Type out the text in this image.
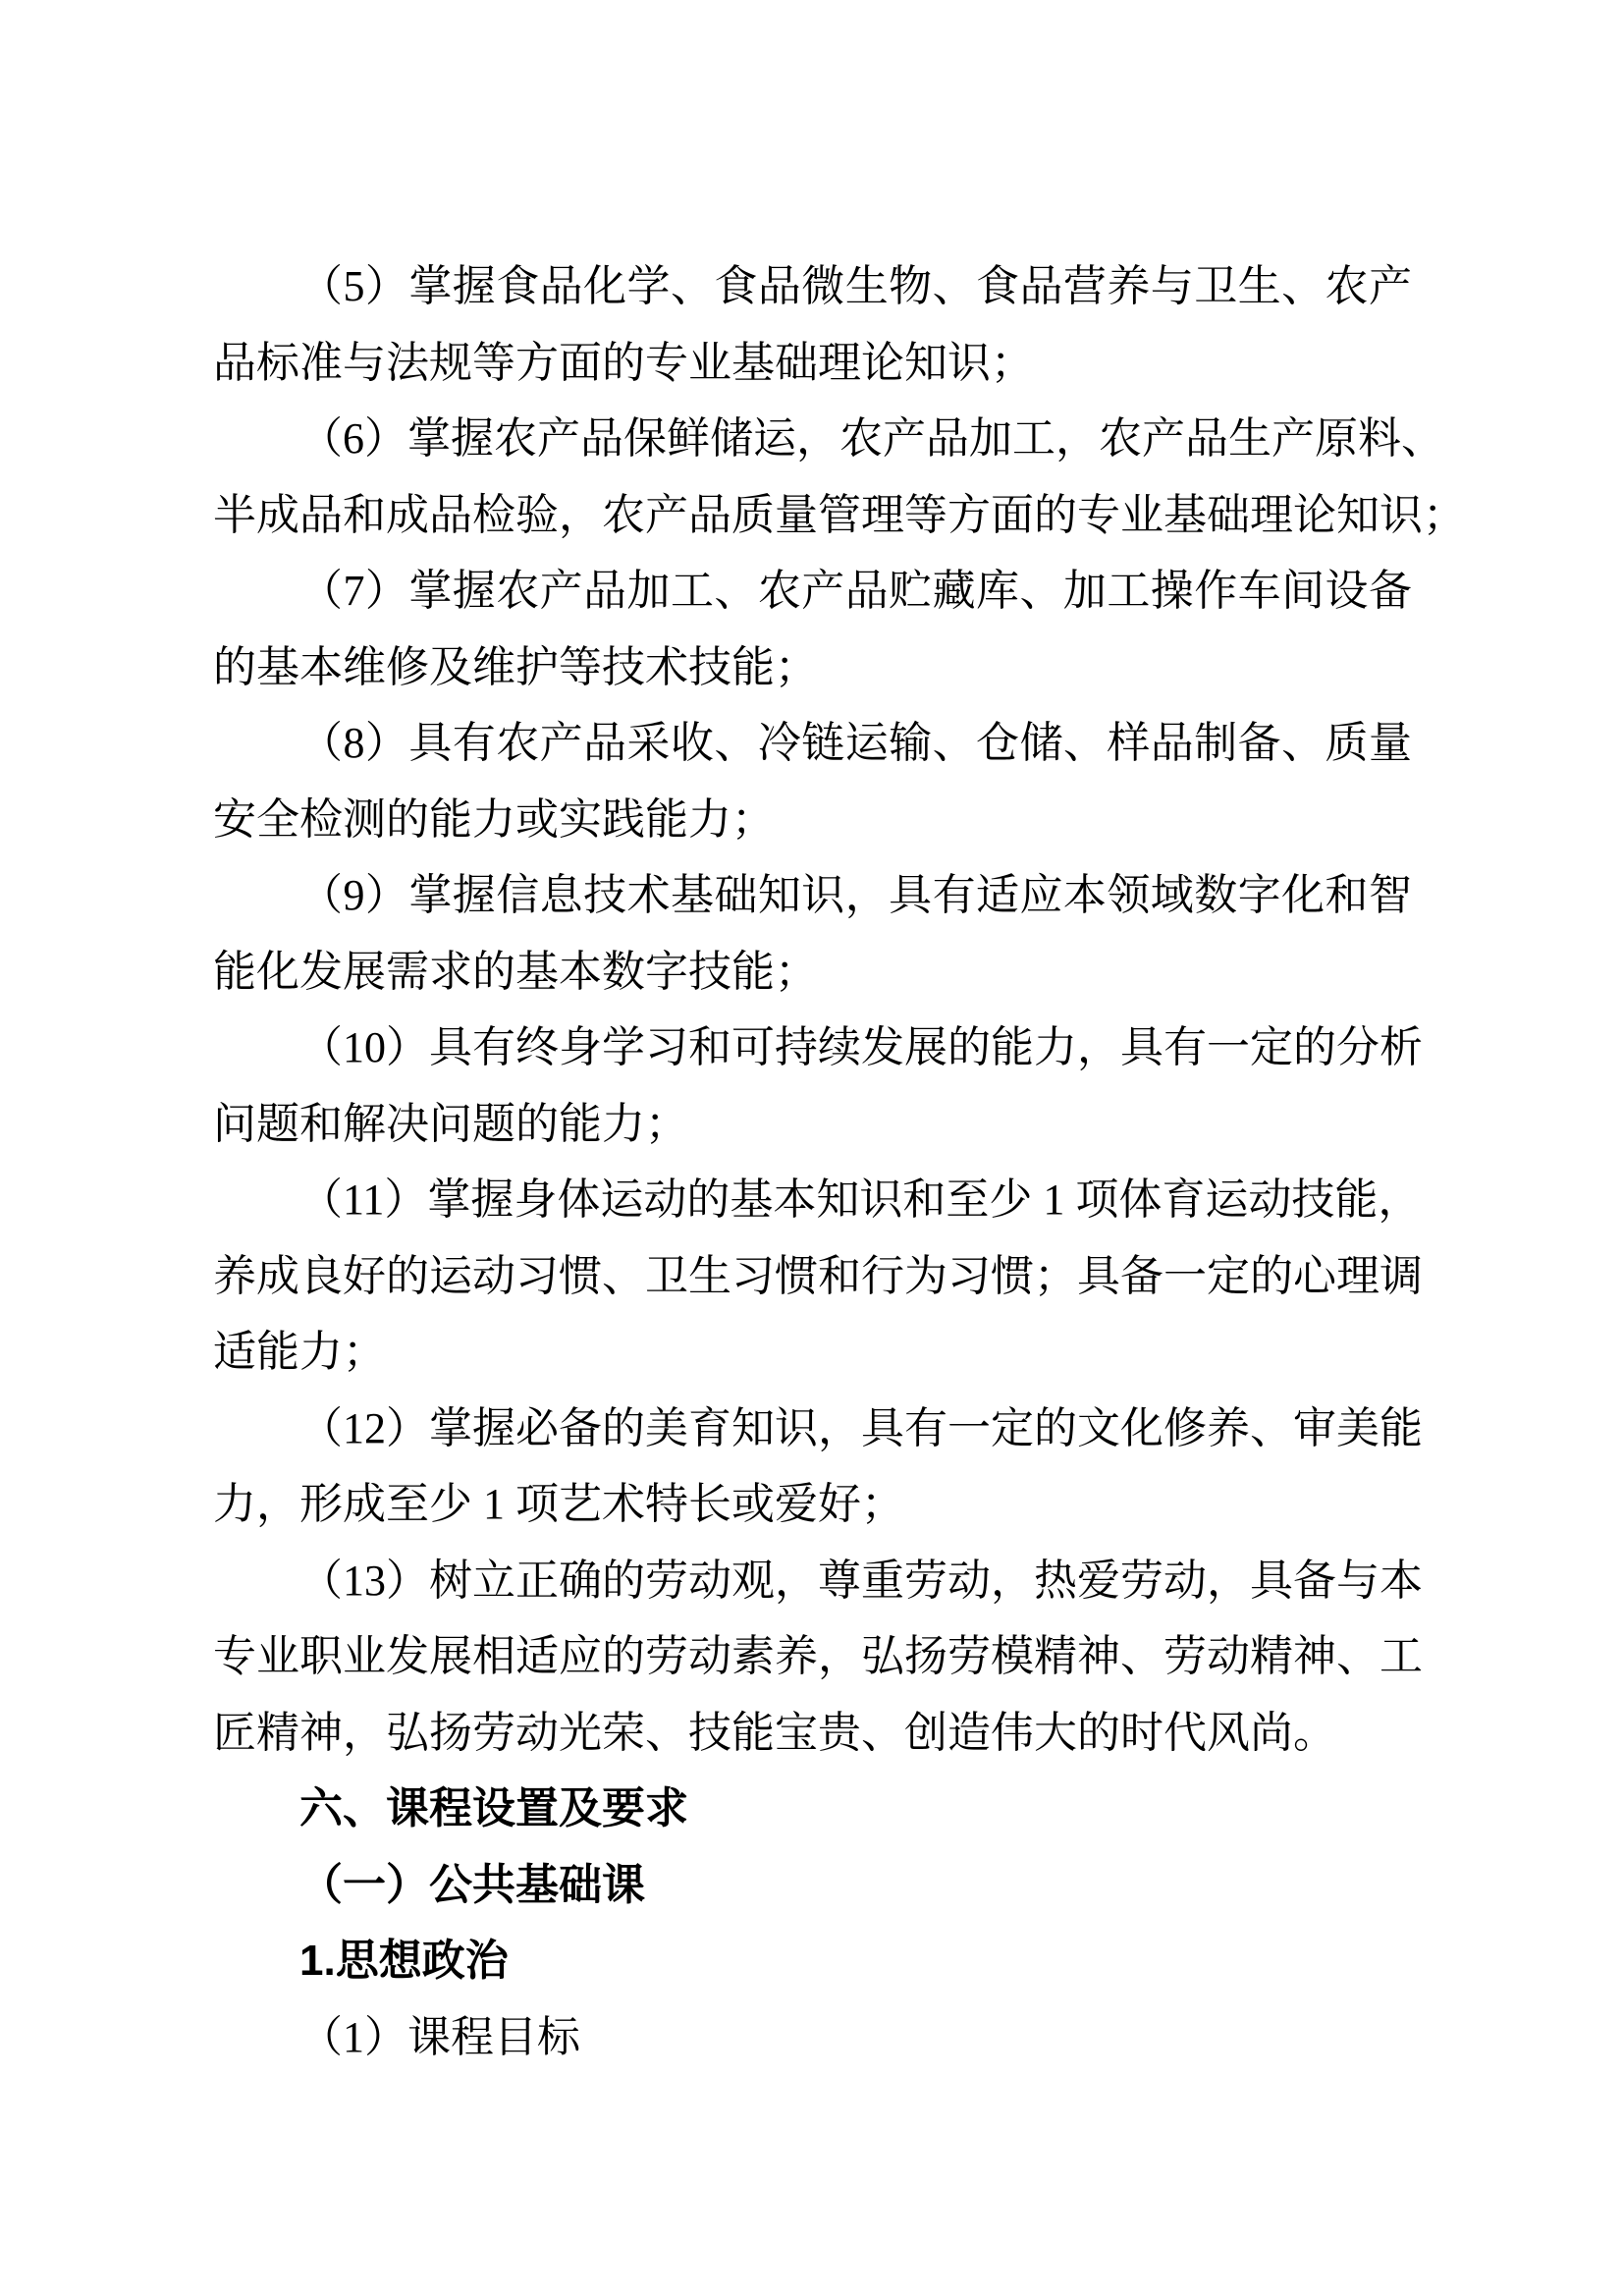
（5）掌握食品化学、食品微生物、食品营养与卫生、农产
品标准与法规等方面的专业基础理论知识；
（6）掌握农产品保鲜储运，农产品加工，农产品生产原料、
半成品和成品检验，农产品质量管理等方面的专业基础理论知识；
（7）掌握农产品加工、农产品贮藏库、加工操作车间设备
的基本维修及维护等技术技能；
（8）具有农产品采收、冷链运输、仓储、样品制备、质量
安全检测的能力或实践能力；
（9）掌握信息技术基础知识，具有适应本领域数字化和智
能化发展需求的基本数字技能；
（10）具有终身学习和可持续发展的能力，具有一定的分析
问题和解决问题的能力；
（11）掌握身体运动的基本知识和至少 1 项体育运动技能，
养成良好的运动习惯、卫生习惯和行为习惯；具备一定的心理调
适能力；
（12）掌握必备的美育知识，具有一定的文化修养、审美能
力，形成至少 1 项艺术特长或爱好；
（13）树立正确的劳动观，尊重劳动，热爱劳动，具备与本
专业职业发展相适应的劳动素养，弘扬劳模精神、劳动精神、工
匠精神，弘扬劳动光荣、技能宝贵、创造伟大的时代风尚。
六、课程设置及要求
（一）公共基础课
1.思想政治
（1）课程目标
